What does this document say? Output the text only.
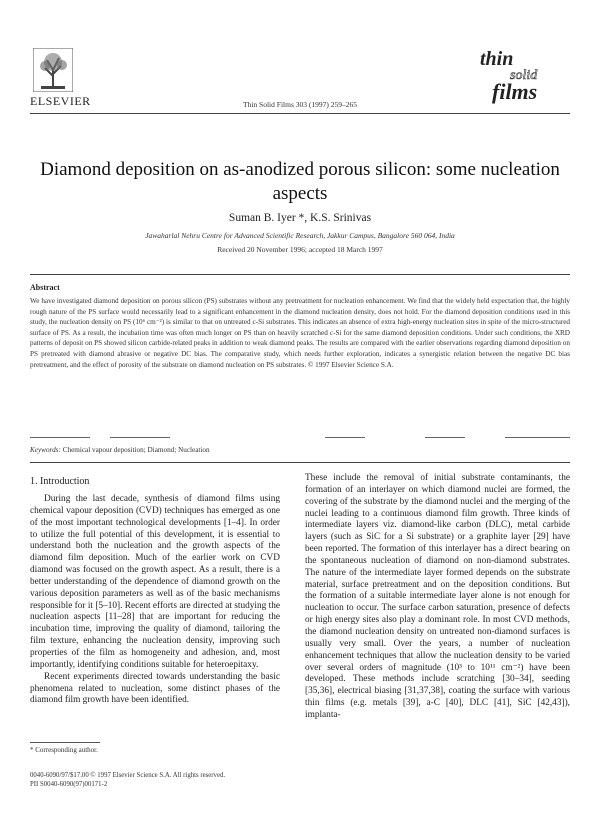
ELSEVIER	Thin Solid Films 303 (1997) 259–265
thin
solid
films
Diamond deposition on as-anodized porous silicon: some nucleation aspects
Suman B. Iyer *, K.S. Srinivas
Jawaharlal Nehru Centre for Advanced Scientific Research, Jakkur Campus, Bangalore 560 064, India
Received 20 November 1996; accepted 18 March 1997
Abstract
We have investigated diamond deposition on porous silicon (PS) substrates without any pretreatment for nucleation enhancement. We find that the widely held expectation that, the highly rough nature of the PS surface would necessarily lead to a significant enhancement in the diamond nucleation density, does not hold. For the diamond deposition conditions used in this study, the nucleation density on PS (10⁶ cm⁻²) is similar to that on untreated c-Si substrates. This indicates an absence of extra high-energy nucleation sites in spite of the micro-structured surface of PS. As a result, the incubation time was often much longer on PS than on heavily scratched c-Si for the same diamond deposition conditions. Under such conditions, the XRD patterns of deposit on PS showed silicon carbide-related peaks in addition to weak diamond peaks. The results are compared with the earlier observations regarding diamond deposition on PS pretreated with diamond abrasive or negative DC bias. The comparative study, which needs further exploration, indicates a synergistic relation between the negative DC bias pretreatment, and the effect of porosity of the substrate on diamond nucleation on PS substrates. © 1997 Elsevier Science S.A.
Keywords: Chemical vapour deposition; Diamond; Nucleation
1. Introduction
During the last decade, synthesis of diamond films using chemical vapour deposition (CVD) techniques has emerged as one of the most important technological developments [1–4]. In order to utilize the full potential of this development, it is essential to understand both the nucleation and the growth aspects of the diamond film deposition. Much of the earlier work on CVD diamond was focused on the growth aspect. As a result, there is a better understanding of the dependence of diamond growth on the various deposition parameters as well as of the basic mechanisms responsible for it [5–10]. Recent efforts are directed at studying the nucleation aspects [11–28] that are important for reducing the incubation time, improving the quality of diamond, tailoring the film texture, enhancing the nucleation density, improving such properties of the film as homogeneity and adhesion, and, most importantly, identifying conditions suitable for heteroepitaxy.
Recent experiments directed towards understanding the basic phenomena related to nucleation, some distinct phases of the diamond film growth have been identified.
These include the removal of initial substrate contaminants, the formation of an interlayer on which diamond nuclei are formed, the covering of the substrate by the diamond nuclei and the merging of the nuclei leading to a continuous diamond film growth. Three kinds of intermediate layers viz. diamond-like carbon (DLC), metal carbide layers (such as SiC for a Si substrate) or a graphite layer [29] have been reported. The formation of this interlayer has a direct bearing on the spontaneous nucleation of diamond on non-diamond substrates. The nature of the intermediate layer formed depends on the substrate material, surface pretreatment and on the deposition conditions. But the formation of a suitable intermediate layer alone is not enough for nucleation to occur. The surface carbon saturation, presence of defects or high energy sites also play a dominant role. In most CVD methods, the diamond nucleation density on untreated non-diamond surfaces is usually very small. Over the years, a number of nucleation enhancement techniques that allow the nucleation density to be varied over several orders of magnitude (10³ to 10¹¹ cm⁻²) have been developed. These methods include scratching [30–34], seeding [35,36], electrical biasing [31,37,38], coating the surface with various thin films (e.g. metals [39], a-C [40], DLC [41], SiC [42,43]), implanta-
* Corresponding author.
0040-6090/97/$17.00 © 1997 Elsevier Science S.A. All rights reserved.
PII S0040-6090(97)00171-2
